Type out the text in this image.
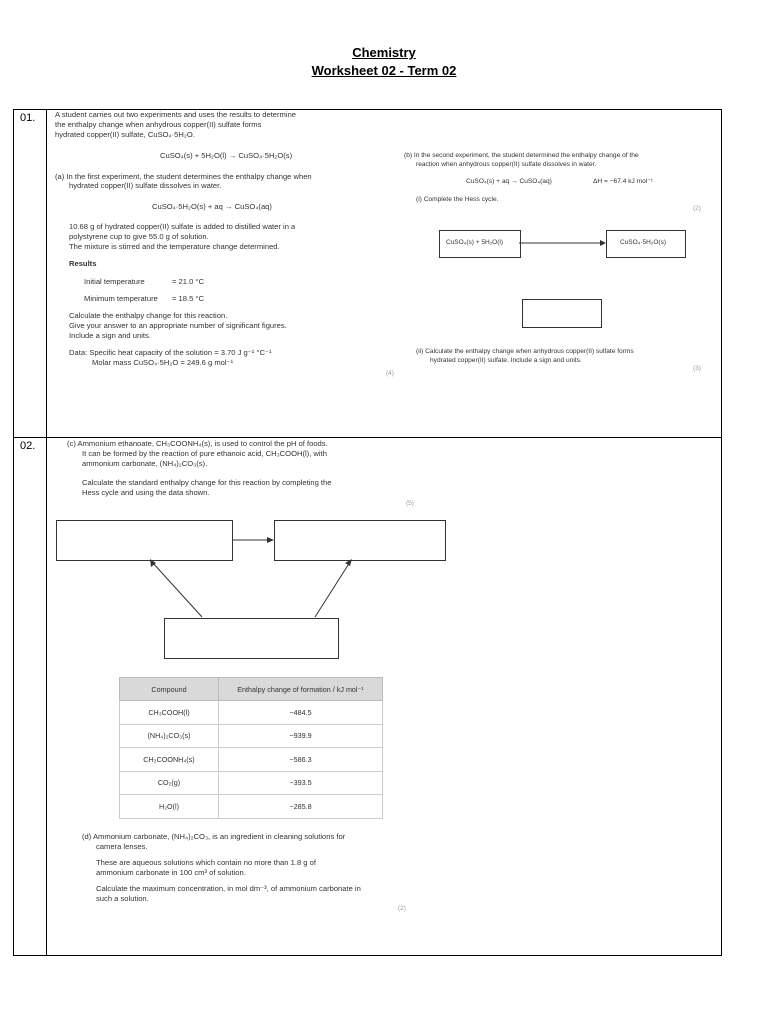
Chemistry
Worksheet 02 - Term 02
01.	A student carries out two experiments and uses the results to determine
the enthalpy change when anhydrous copper(II) sulfate forms
hydrated copper(II) sulfate, CuSO₄·5H₂O.
CuSO₄(s) + 5H₂O(l) → CuSO₄·5H₂O(s)
(a) In the first experiment, the student determines the enthalpy change when
hydrated copper(II) sulfate dissolves in water.
CuSO₄·5H₂O(s) + aq → CuSO₄(aq)
10.68 g of hydrated copper(II) sulfate is added to distilled water in a
polystyrene cup to give 55.0 g of solution.
The mixture is stirred and the temperature change determined.
Results
Initial temperature	= 21.0 °C
Minimum temperature = 18.5 °C
Calculate the enthalpy change for this reaction.
Give your answer to an appropriate number of significant figures.
Include a sign and units.
Data: Specific heat capacity of the solution = 3.70 J g⁻¹ °C⁻¹
Molar mass CuSO₄·5H₂O = 249.6 g mol⁻¹
(4)
(b) In the second experiment, the student determined the enthalpy change of the
reaction when anhydrous copper(II) sulfate dissolves in water.
CuSO₄(s) + aq → CuSO₄(aq)	ΔH = −67.4 kJ mol⁻¹
(i) Complete the Hess cycle.
(2)
CuSO₄(s) + 5H₂O(l)	CuSO₄·5H₂O(s)
(ii) Calculate the enthalpy change when anhydrous copper(II) sulfate forms
hydrated copper(II) sulfate. Include a sign and units.
(3)
02.	(c) Ammonium ethanoate, CH₃COONH₄(s), is used to control the pH of foods.
It can be formed by the reaction of pure ethanoic acid, CH₃COOH(l), with
ammonium carbonate, (NH₄)₂CO₃(s).
Calculate the standard enthalpy change for this reaction by completing the
Hess cycle and using the data shown.
(5)
Compound	Enthalpy change of formation / kJ mol⁻¹
CH₃COOH(l)	−484.5
(NH₄)₂CO₃(s)	−939.9
CH₃COONH₄(s)	−586.3
CO₂(g)	−393.5
H₂O(l)	−285.8
(d) Ammonium carbonate, (NH₄)₂CO₃, is an ingredient in cleaning solutions for
camera lenses.
These are aqueous solutions which contain no more than 1.8 g of
ammonium carbonate in 100 cm³ of solution.
Calculate the maximum concentration, in mol dm⁻³, of ammonium carbonate in
such a solution.
(2)
